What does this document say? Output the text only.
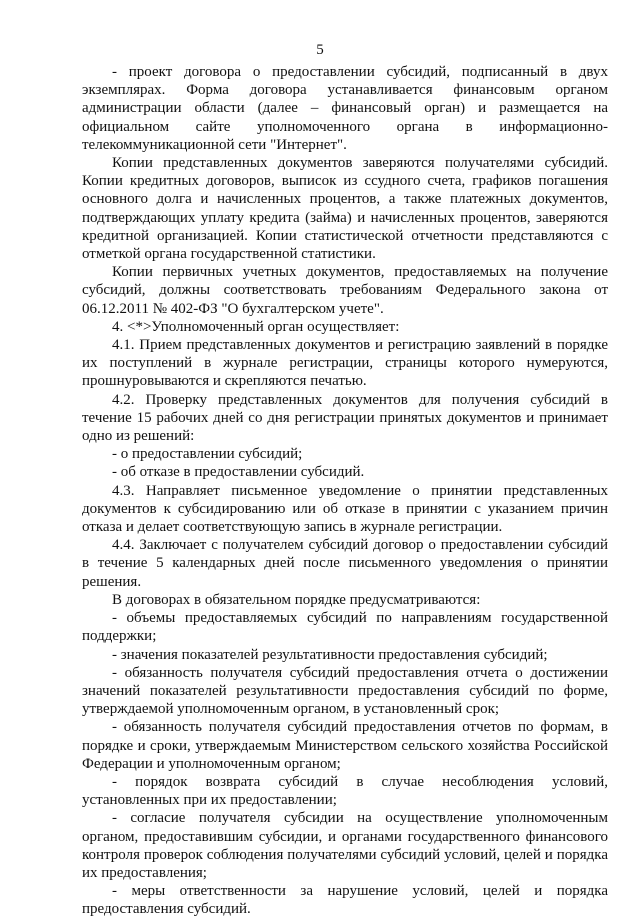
5

- проект договора о предоставлении субсидий, подписанный в двух экземплярах. Форма договора устанавливается финансовым органом администрации области (далее – финансовый орган) и размещается на официальном сайте уполномоченного органа в информационно-телекоммуникационной сети "Интернет".

Копии представленных документов заверяются получателями субсидий. Копии кредитных договоров, выписок из ссудного счета, графиков погашения основного долга и начисленных процентов, а также платежных документов, подтверждающих уплату кредита (займа) и начисленных процентов, заверяются кредитной организацией. Копии статистической отчетности представляются с отметкой органа государственной статистики.

Копии первичных учетных документов, предоставляемых на получение субсидий, должны соответствовать требованиям Федерального закона от 06.12.2011 № 402-ФЗ "О бухгалтерском учете".

4. <*>Уполномоченный орган осуществляет:

4.1. Прием представленных документов и регистрацию заявлений в порядке их поступлений в журнале регистрации, страницы которого нумеруются, прошнуровываются и скрепляются печатью.

4.2. Проверку представленных документов для получения субсидий в течение 15 рабочих дней со дня регистрации принятых документов и принимает одно из решений:

- о предоставлении субсидий;

- об отказе в предоставлении субсидий.

4.3. Направляет письменное уведомление о принятии представленных документов к субсидированию или об отказе в принятии с указанием причин отказа и делает соответствующую запись в журнале регистрации.

4.4. Заключает с получателем субсидий договор о предоставлении субсидий в течение 5 календарных дней после письменного уведомления о принятии решения.

В договорах в обязательном порядке предусматриваются:

- объемы предоставляемых субсидий по направлениям государственной поддержки;

- значения показателей результативности предоставления субсидий;

- обязанность получателя субсидий предоставления отчета о достижении значений показателей результативности предоставления субсидий по форме, утверждаемой уполномоченным органом, в установленный срок;

- обязанность получателя субсидий предоставления отчетов по формам, в порядке и сроки, утверждаемым Министерством сельского хозяйства Российской Федерации и уполномоченным органом;

- порядок возврата субсидий в случае несоблюдения условий, установленных при их предоставлении;

- согласие получателя субсидии на осуществление уполномоченным органом, предоставившим субсидии, и органами государственного финансового контроля проверок соблюдения получателями субсидий условий, целей и порядка их предоставления;

- меры ответственности за нарушение условий, целей и порядка предоставления субсидий.
